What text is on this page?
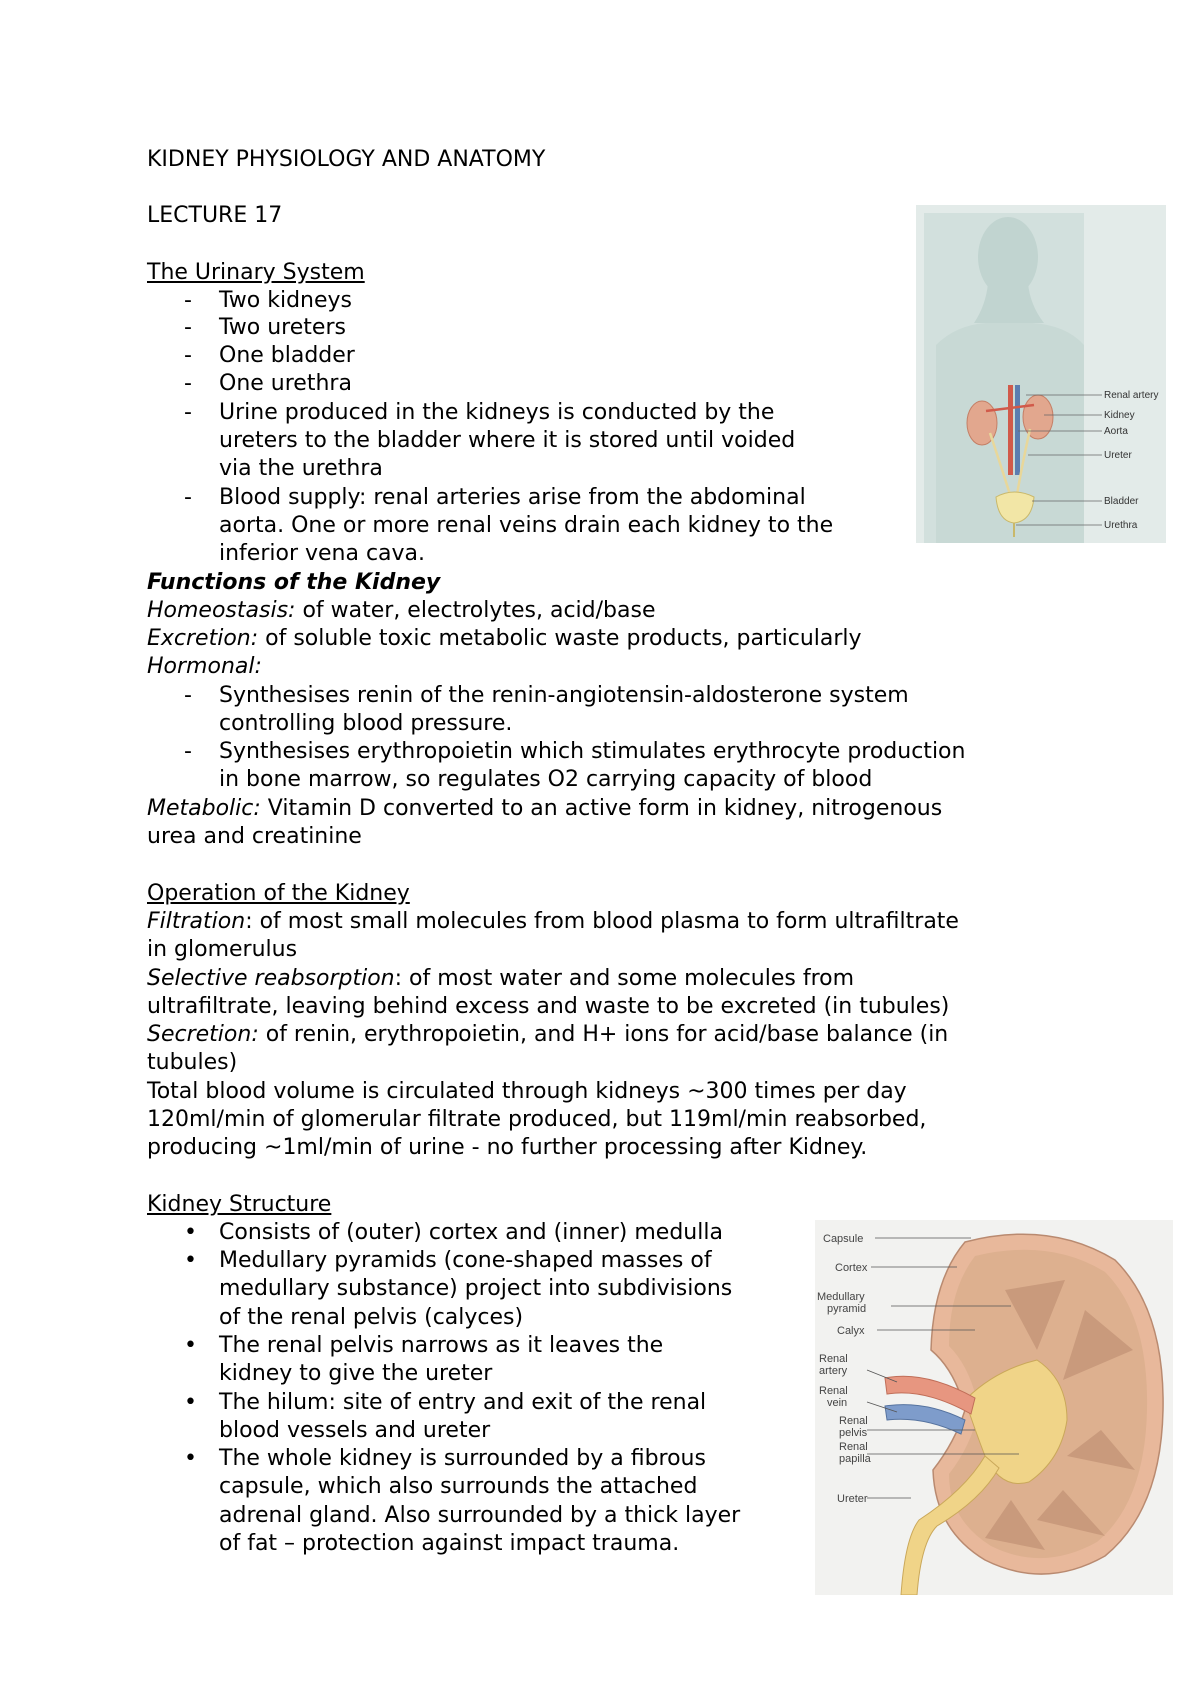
KIDNEY PHYSIOLOGY AND ANATOMY
LECTURE 17
The Urinary System
-	Two kidneys
-	Two ureters
-	One bladder
-	One urethra
-	Urine produced in the kidneys is conducted by the
ureters to the bladder where it is stored until voided
via the urethra
-	Blood supply: renal arteries arise from the abdominal
aorta. One or more renal veins drain each kidney to the
inferior vena cava.
Renal artery
Kidney
Aorta
Ureter
Bladder
Urethra
Functions of the Kidney
Homeostasis: of water, electrolytes, acid/base
Excretion: of soluble toxic metabolic waste products, particularly
Hormonal:
-	Synthesises renin of the renin-angiotensin-aldosterone system
controlling blood pressure.
-	Synthesises erythropoietin which stimulates erythrocyte production
in bone marrow, so regulates O2 carrying capacity of blood
Metabolic: Vitamin D converted to an active form in kidney, nitrogenous
urea and creatinine
Operation of the Kidney
Filtration: of most small molecules from blood plasma to form ultrafiltrate
in glomerulus
Selective reabsorption: of most water and some molecules from
ultrafiltrate, leaving behind excess and waste to be excreted (in tubules)
Secretion: of renin, erythropoietin, and H+ ions for acid/base balance (in
tubules)
Total blood volume is circulated through kidneys ~300 times per day
120ml/min of glomerular filtrate produced, but 119ml/min reabsorbed,
producing ~1ml/min of urine - no further processing after Kidney.
Kidney Structure
•	Consists of (outer) cortex and (inner) medulla
•	Medullary pyramids (cone-shaped masses of
medullary substance) project into subdivisions
of the renal pelvis (calyces)
•	The renal pelvis narrows as it leaves the
kidney to give the ureter
•	The hilum: site of entry and exit of the renal
blood vessels and ureter
•	The whole kidney is surrounded by a fibrous
capsule, which also surrounds the attached
adrenal gland. Also surrounded by a thick layer
of fat – protection against impact trauma.
Capsule
Cortex
Medullary
pyramid
Calyx
Renal
artery
Renal
vein
Renal
pelvis
Renal
papilla
Ureter
